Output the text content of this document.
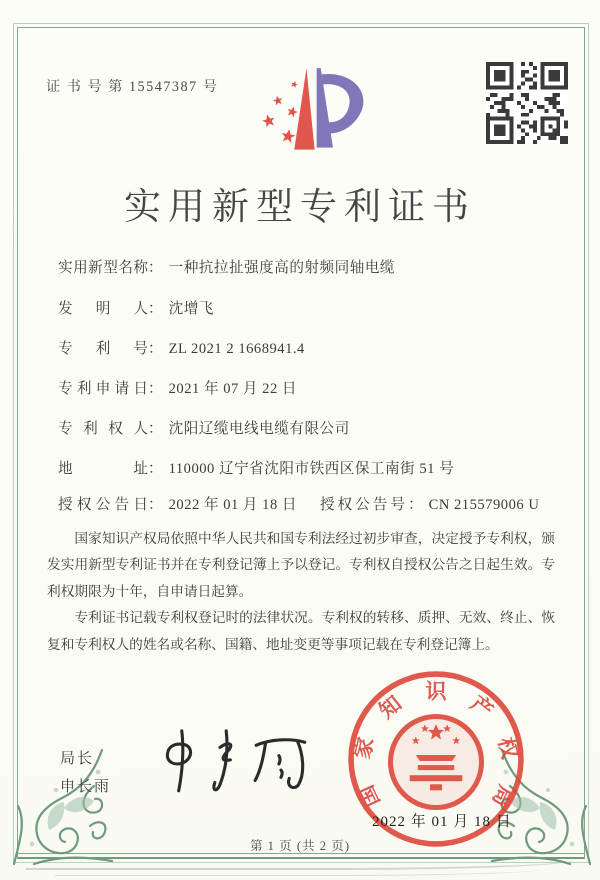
证 书 号 第 15547387 号
实用新型专利证书
实用新型名称： 一种抗拉扯强度高的射频同轴电缆
发明人： 沈增飞
专利号： ZL 2021 2 1668941.4
专利申请日： 2021 年 07 月 22 日
专利权人： 沈阳辽缆电线电缆有限公司
地址： 110000 辽宁省沈阳市铁西区保工南街 51 号
授权公告日： 2022 年 01 月 18 日 授权公告号： CN 215579006 U

国家知识产权局依照中华人民共和国专利法经过初步审查，决定授予专利权，颁发实用新型专利证书并在专利登记簿上予以登记。专利权自授权公告之日起生效。专利权期限为十年，自申请日起算。

专利证书记载专利权登记时的法律状况。专利权的转移、质押、无效、终止、恢复和专利权人的姓名或名称、国籍、地址变更等事项记载在专利登记簿上。

局长
申长雨	国
家
知 识 产
权
局
2022 年 01 月 18 日
第 1 页 (共 2 页)
